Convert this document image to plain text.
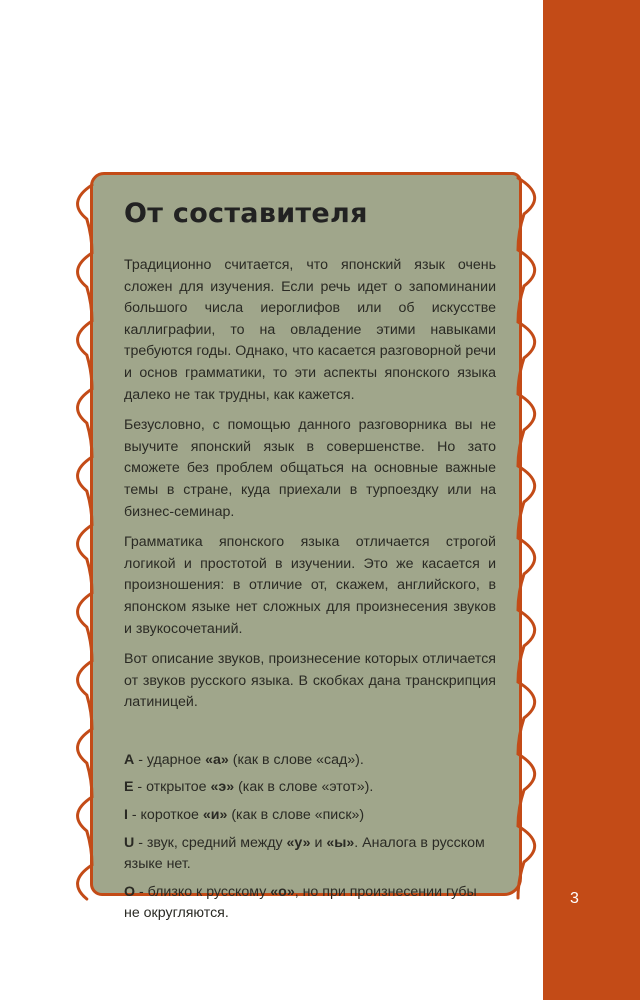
3
От составителя

Традиционно считается, что японский язык очень сложен для изучения. Если речь идет о запоминании большого числа иероглифов или об искусстве каллиграфии, то на овладение этими навыками требуются годы. Однако, что касается разговорной речи и основ грамматики, то эти аспекты японского языка далеко не так трудны, как кажется.

Безусловно, с помощью данного разговорника вы не выучите японский язык в совершенстве. Но зато сможете без проблем общаться на основные важные темы в стране, куда приехали в турпоездку или на бизнес-семинар.

Грамматика японского языка отличается строгой логикой и простотой в изучении. Это же касается и произношения: в отличие от, скажем, английского, в японском языке нет сложных для произнесения звуков и звукосочетаний.

Вот описание звуков, произнесение которых отличается от звуков русского языка. В скобках дана транскрипция латиницей.

A - ударное «а» (как в слове «сад»).

E - открытое «э» (как в слове «этот»).

I - короткое «и» (как в слове «писк»)

U - звук, средний между «у» и «ы». Аналога в русском языке нет.

O - близко к русскому «о», но при произнесении губы не округляются.
